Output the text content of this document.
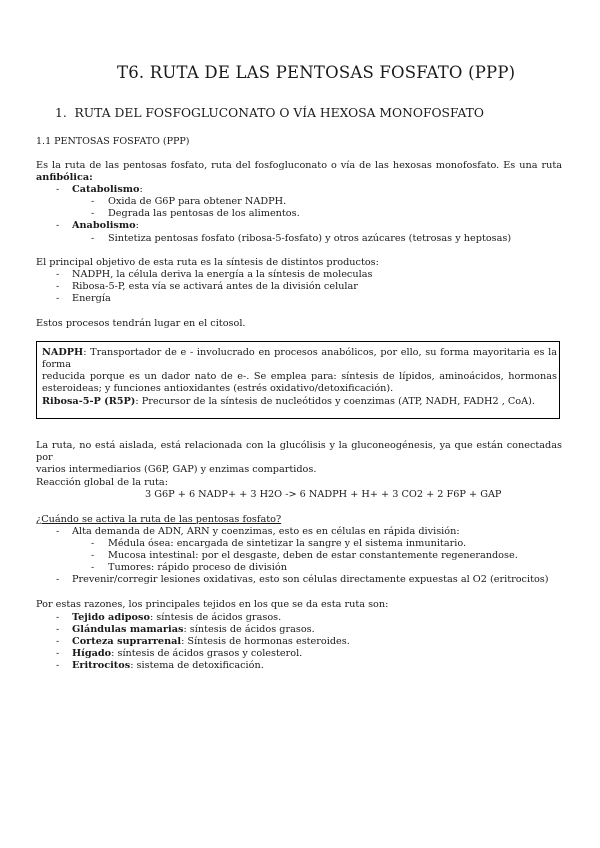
T6. RUTA DE LAS PENTOSAS FOSFATO (PPP)
1.  RUTA DEL FOSFOGLUCONATO O VÍA HEXOSA MONOFOSFATO
1.1 PENTOSAS FOSFATO (PPP)
Es la ruta de las pentosas fosfato, ruta del fosfogluconato o vía de las hexosas monofosfato. Es una ruta
anfibólica:
- Catabolismo:
- Oxida de G6P para obtener NADPH.
- Degrada las pentosas de los alimentos.
- Anabolismo:
- Sintetiza pentosas fosfato (ribosa-5-fosfato) y otros azúcares (tetrosas y heptosas)
El principal objetivo de esta ruta es la síntesis de distintos productos:
- NADPH, la célula deriva la energía a la síntesis de moleculas
- Ribosa-5-P, esta vía se activará antes de la división celular
- Energía
Estos procesos tendrán lugar en el citosol.
NADPH: Transportador de e - involucrado en procesos anabólicos, por ello, su forma mayoritaria es la forma
reducida porque es un dador nato de e-. Se emplea para: síntesis de lípidos, aminoácidos, hormonas
esteroideas; y funciones antioxidantes (estrés oxidativo/detoxificación).
Ribosa-5-P (R5P): Precursor de la síntesis de nucleótidos y coenzimas (ATP, NADH, FADH2 , CoA).
La ruta, no está aislada, está relacionada con la glucólisis y la gluconeogénesis, ya que están conectadas por
varios intermediarios (G6P, GAP) y enzimas compartidos.
Reacción global de la ruta:
3 G6P + 6 NADP+ + 3 H2O -> 6 NADPH + H+ + 3 CO2 + 2 F6P + GAP
¿Cuándo se activa la ruta de las pentosas fosfato?
- Alta demanda de ADN, ARN y coenzimas, esto es en células en rápida división:
- Médula ósea: encargada de sintetizar la sangre y el sistema inmunitario.
- Mucosa intestinal: por el desgaste, deben de estar constantemente regenerandose.
- Tumores: rápido proceso de división
- Prevenir/corregir lesiones oxidativas, esto son células directamente expuestas al O2 (eritrocitos)
Por estas razones, los principales tejidos en los que se da esta ruta son:
- Tejido adiposo: síntesis de ácidos grasos.
- Glándulas mamarias: síntesis de ácidos grasos.
- Corteza suprarrenal: Síntesis de hormonas esteroides.
- Hígado: síntesis de ácidos grasos y colesterol.
- Eritrocitos: sistema de detoxificación.
